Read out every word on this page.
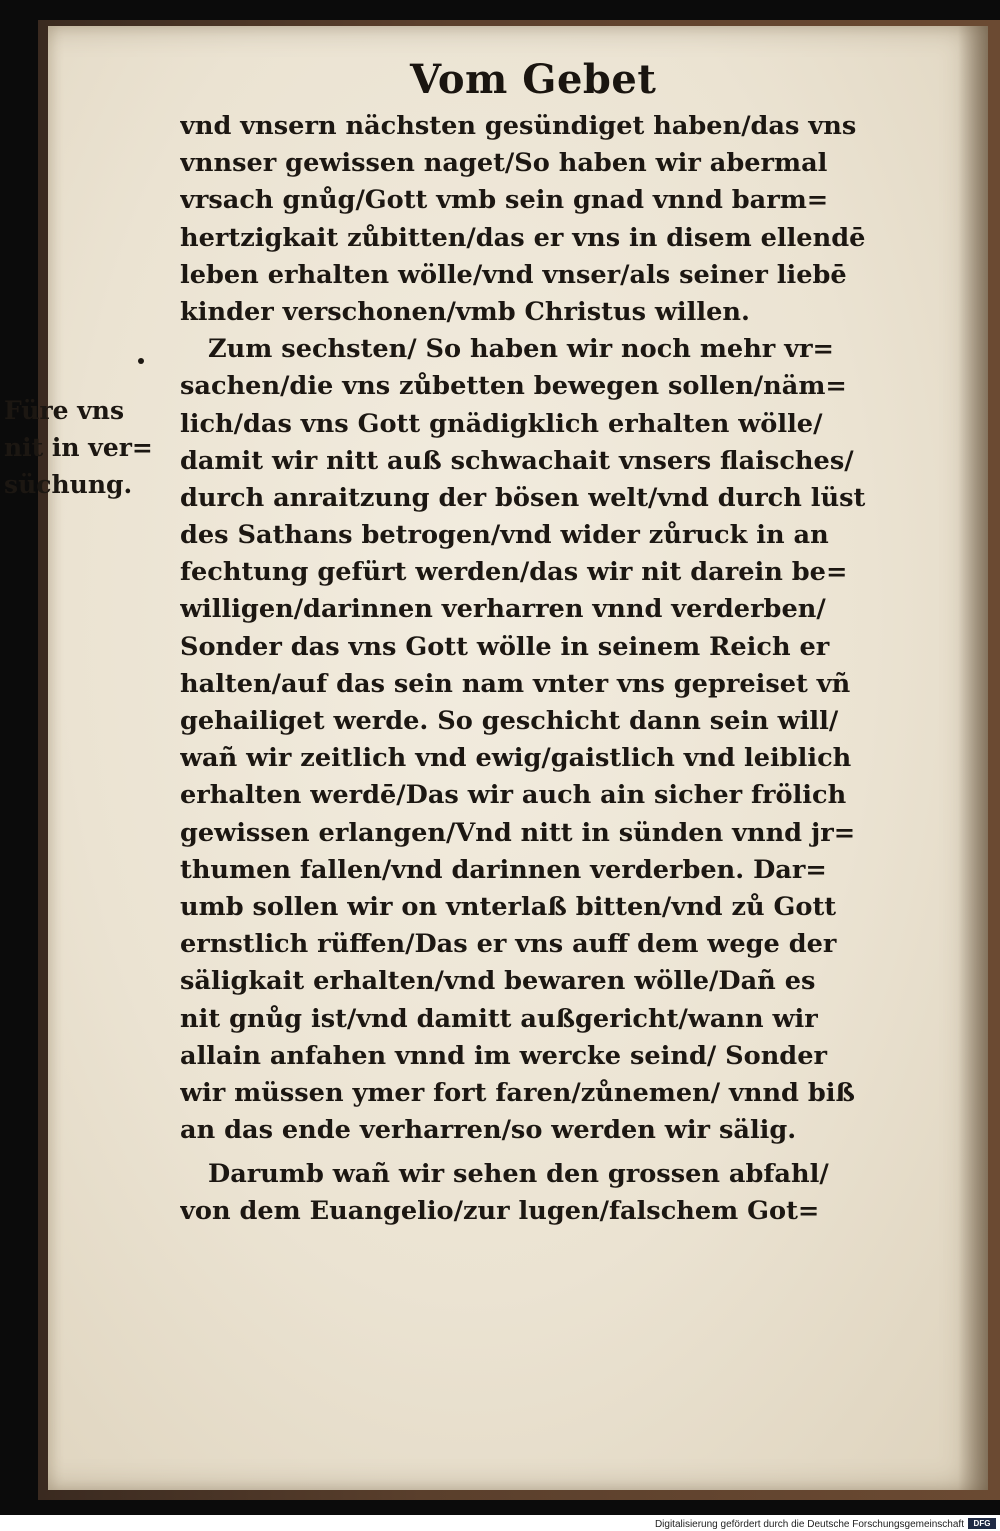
Vom Gebet
Füre vns
nit in ver=
süchung.
vnd vnsern nächsten gesündiget haben/das vns
vnnser gewissen naget/So haben wir abermal
vrsach gnůg/Gott vmb sein gnad vnnd barm=
hertzigkait zůbitten/das er vns in disem ellendē
leben erhalten wölle/vnd vnser/als seiner liebē
kinder verschonen/vmb Christus willen.
Zum sechsten/ So haben wir noch mehr vr=
sachen/die vns zůbetten bewegen sollen/näm=
lich/das vns Gott gnädigklich erhalten wölle/
damit wir nitt auß schwachait vnsers flaisches/
durch anraitzung der bösen welt/vnd durch lüst
des Sathans betrogen/vnd wider zůruck in an
fechtung gefürt werden/das wir nit darein be=
willigen/darinnen verharren vnnd verderben/
Sonder das vns Gott wölle in seinem Reich er
halten/auf das sein nam vnter vns gepreiset vñ
gehailiget werde. So geschicht dann sein will/
wañ wir zeitlich vnd ewig/gaistlich vnd leiblich
erhalten werdē/Das wir auch ain sicher frölich
gewissen erlangen/Vnd nitt in sünden vnnd jr=
thumen fallen/vnd darinnen verderben. Dar=
umb sollen wir on vnterlaß bitten/vnd zů Gott
ernstlich rüffen/Das er vns auff dem wege der
säligkait erhalten/vnd bewaren wölle/Dañ es
nit gnůg ist/vnd damitt außgericht/wann wir
allain anfahen vnnd im wercke seind/ Sonder
wir müssen ymer fort faren/zůnemen/ vnnd biß
an das ende verharren/so werden wir sälig.
Darumb wañ wir sehen den grossen abfahl/
von dem Euangelio/zur lugen/falschem Got=
Digitalisierung gefördert durch die Deutsche Forschungsgemeinschaft	DFG
